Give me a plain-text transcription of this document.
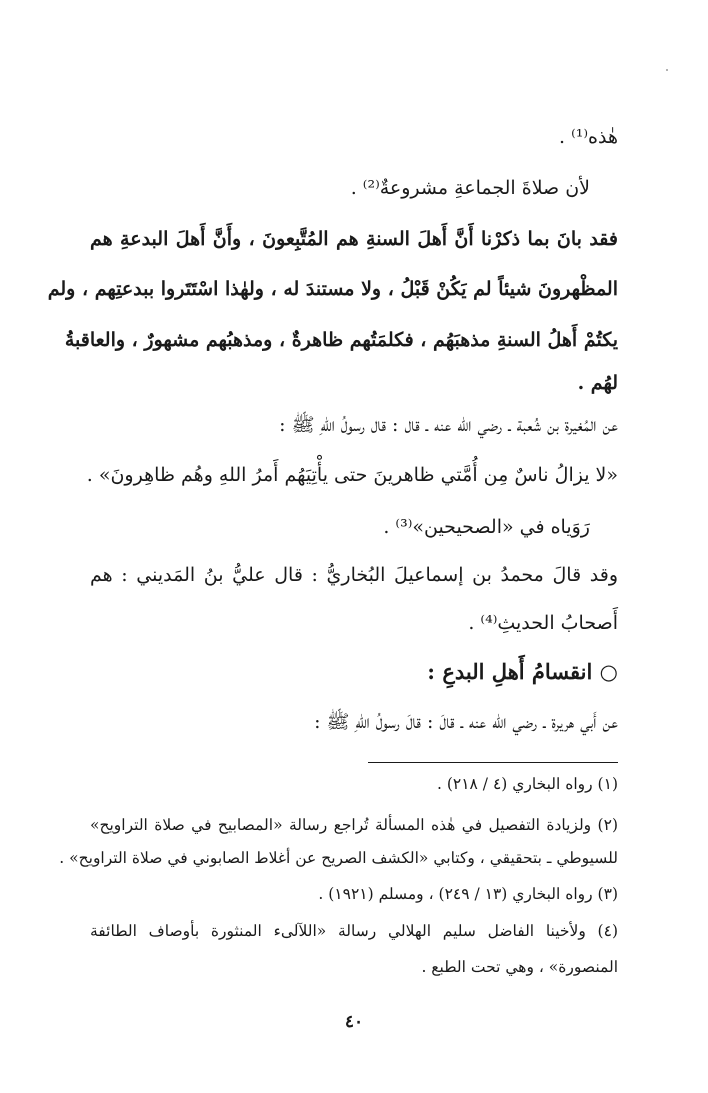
هٰذه⁽¹⁾ .
لأن صلاةَ الجماعةِ مشروعةٌ⁽²⁾ .
فقد بانَ بما ذكرْنا أَنَّ أَهلَ السنةِ هم المُتَّبِعونَ ، وأَنَّ أَهلَ البدعةِ هم
المظْهرونَ شيئاً لم يَكُنْ قَبْلُ ، ولا مستندَ له ، ولهٰذا اسْتَتَروا ببدعتِهم ، ولم
يكتُمْ أَهلُ السنةِ مذهبَهُم ، فكلمَتُهم ظاهرةٌ ، ومذهبُهم مشهورٌ ، والعاقبةُ
لهُم .
عن المُغيرة بن شُعبة ـ رضي الله عنه ـ قال : قال رسولُ اللهِ ﷺ :
«لا يزالُ ناسٌ مِن أُمَّتي ظاهرينَ حتى يأْتِيَهُم أَمرُ اللهِ وهُم ظاهِرونَ» .
رَوَياه في «الصحيحين»⁽³⁾ .
وقد قالَ محمدُ بن إسماعيلَ البُخاريُّ : قال عليُّ بنُ المَديني : هم
أَصحابُ الحديثِ⁽⁴⁾ .
○ انقسامُ أَهلِ البدعِ :
عن أَبي هريرة ـ رضي الله عنه ـ قالَ : قالَ رسولُ اللهِ ﷺ :
(١) رواه البخاري (٤ / ٢١٨) .
(٢) ولزيادة التفصيل في هٰذه المسألة تُراجع رسالة «المصابيح في صلاة التراويح»
للسيوطي ـ بتحقيقي ، وكتابي «الكشف الصريح عن أغلاط الصابوني في صلاة التراويح» .
(٣) رواه البخاري (١٣ / ٢٤٩) ، ومسلم (١٩٢١) .
(٤) ولأخينا الفاضل سليم الهلالي رسالة «اللآلىء المنثورة بأوصاف الطائفة
المنصورة» ، وهي تحت الطبع .
٤٠
